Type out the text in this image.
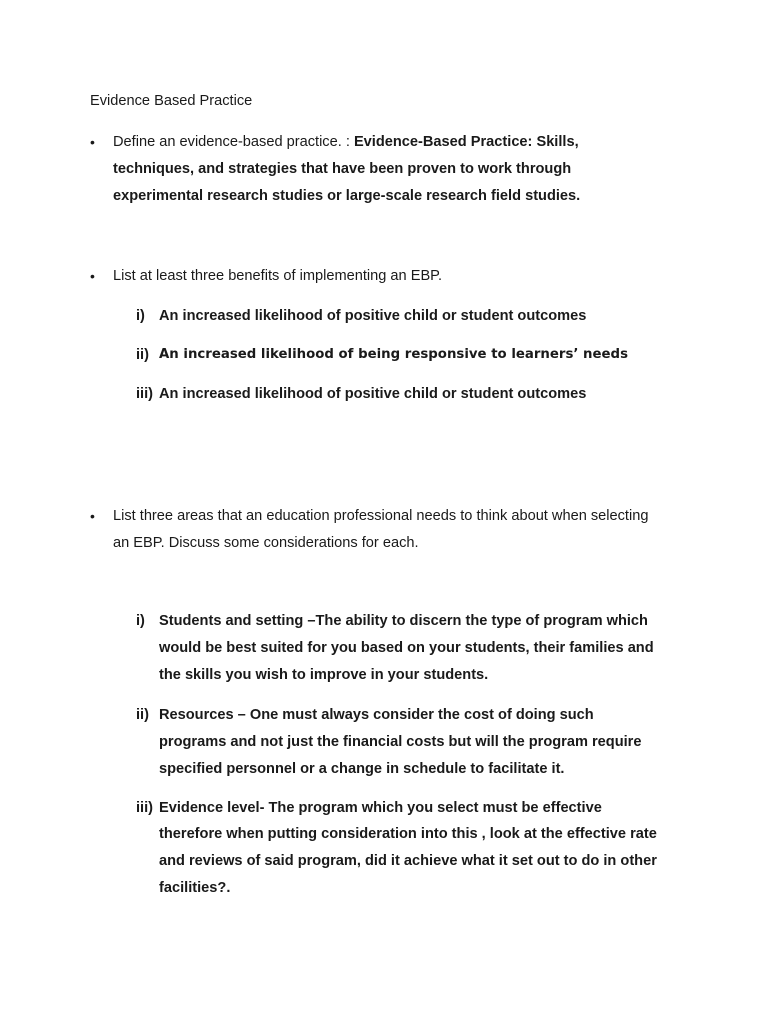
Evidence Based Practice
• Define an evidence-based practice. : Evidence-Based Practice: Skills,
techniques, and strategies that have been proven to work through
experimental research studies or large-scale research field studies.
• List at least three benefits of implementing an EBP.
i) An increased likelihood of positive child or student outcomes
ii) An increased likelihood of being responsive to learners’ needs
iii) An increased likelihood of positive child or student outcomes
• List three areas that an education professional needs to think about when selecting
an EBP. Discuss some considerations for each.
i) Students and setting –The ability to discern the type of program which
would be best suited for you based on your students, their families and
the skills you wish to improve in your students.
ii) Resources – One must always consider the cost of doing such
programs and not just the financial costs but will the program require
specified personnel or a change in schedule to facilitate it.
iii) Evidence level- The program which you select must be effective
therefore when putting consideration into this , look at the effective rate
and reviews of said program, did it achieve what it set out to do in other
facilities?.
